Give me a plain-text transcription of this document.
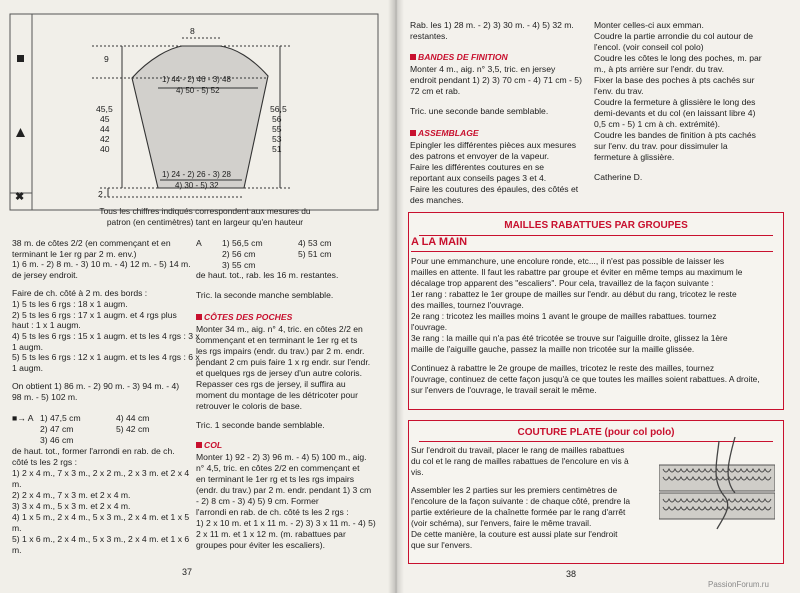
✖
8
9
1) 44 - 2) 46 - 3) 48
4) 50 - 5) 52
1) 24 - 2) 26 - 3) 28
4) 30 - 5) 32
45,5
45
44
42
40
56,5
56
55
53
51
2
Tous les chiffres indiqués correspondent aux mesures du
patron (en centimètres) tant en largeur qu'en hauteur
38 m. de côtes 2/2 (en commençant et en
terminant le 1er rg par 2 m. env.)
1) 6 m. - 2) 8 m. - 3) 10 m. - 4) 12 m. - 5) 14 m.
de jersey endroit.
Faire de ch. côté à 2 m. des bords :
1) 5 ts les 6 rgs : 18 x 1 augm.
2) 5 ts les 6 rgs : 17 x 1 augm. et 4 rgs plus
haut : 1 x 1 augm.
4) 5 ts les 6 rgs : 15 x 1 augm. et ts les 4 rgs : 3 x
1 augm.
5) 5 ts les 6 rgs : 12 x 1 augm. et ts les 4 rgs : 6 x
1 augm.
On obtient 1) 86 m. - 2) 90 m. - 3) 94 m. - 4)
98 m. - 5) 102 m.
■→ A 1) 47,5 cm	4) 44 cm
2) 47 cm	5) 42 cm
3) 46 cm
de haut. tot., former l'arrondi en rab. de ch.
côté ts les 2 rgs :
1) 2 x 4 m., 7 x 3 m., 2 x 2 m., 2 x 3 m. et 2 x 4
m.
2) 2 x 4 m., 7 x 3 m. et 2 x 4 m.
3) 3 x 4 m., 5 x 3 m. et 2 x 4 m.
4) 1 x 5 m., 2 x 4 m., 5 x 3 m., 2 x 4 m. et 1 x 5
m.
5) 1 x 6 m., 2 x 4 m., 5 x 3 m., 2 x 4 m. et 1 x 6
m.
A 1) 56,5 cm	4) 53 cm
2) 56 cm	5) 51 cm
3) 55 cm
de haut. tot., rab. les 16 m. restantes.
Tric. la seconde manche semblable.
CÔTES DES POCHES
Monter 34 m., aig. n° 4, tric. en côtes 2/2 en
commençant et en terminant le 1er rg et ts
les rgs impairs (endr. du trav.) par 2 m. endr.
pendant 2 cm puis faire 1 x rg endr. sur l'endr.
et quelques rgs de jersey d'un autre coloris.
Repasser ces rgs de jersey, il suffira au
moment du montage de les détricoter pour
retrouver le coloris de base.
Tric. 1 seconde bande semblable.
COL
Monter 1) 92 - 2) 3) 96 m. - 4) 5) 100 m., aig.
n° 4,5, tric. en côtes 2/2 en commençant et
en terminant le 1er rg et ts les rgs impairs
(endr. du trav.) par 2 m. endr. pendant 1) 3 cm
- 2) 8 cm - 3) 4) 5) 9 cm. Former
l'arrondi en rab. de ch. côté ts les 2 rgs :
1) 2 x 10 m. et 1 x 11 m. - 2) 3) 3 x 11 m. - 4) 5)
2 x 11 m. et 1 x 12 m. (m. rabattues par
groupes pour éviter les escaliers).
37
Rab. les 1) 28 m. - 2) 3) 30 m. - 4) 5) 32 m.
restantes.
BANDES DE FINITION
Monter 4 m., aig. n° 3,5, tric. en jersey
endroit pendant 1) 2) 3) 70 cm - 4) 71 cm - 5)
72 cm et rab.
Tric. une seconde bande semblable.
ASSEMBLAGE
Epingler les différentes pièces aux mesures
des patrons et envoyer de la vapeur.
Faire les différentes coutures en se
reportant aux conseils pages 3 et 4.
Faire les coutures des épaules, des côtés et
des manches.
Monter celles-ci aux emman.
Coudre la partie arrondie du col autour de
l'encol. (voir conseil col polo)
Coudre les côtes le long des poches, m. par
m., à pts arrière sur l'endr. du trav.
Fixer la base des poches à pts cachés sur
l'env. du trav.
Coudre la fermeture à glissière le long des
demi-devants et du col (en laissant libre 4)
0,5 cm - 5) 1 cm à ch. extrémité).
Coudre les bandes de finition à pts cachés
sur l'env. du trav. pour dissimuler la
fermeture à glissière.
Catherine D.
MAILLES RABATTUES PAR GROUPES
A LA MAIN
Pour une emmanchure, une encolure ronde, etc..., il n'est pas possible de laisser les
mailles en attente. Il faut les rabattre par groupe et éviter en même temps au maximum le
décalage trop apparent des "escaliers". Pour cela, travaillez de la façon suivante :
1er rang : rabattez le 1er groupe de mailles sur l'endr. au début du rang, tricotez le reste
des mailles, tournez l'ouvrage.
2e rang : tricotez les mailles moins 1 avant le groupe de mailles rabattues. tournez
l'ouvrage.
3e rang : la maille qui n'a pas été tricotée se trouve sur l'aiguille droite, glissez la 1ère
maille de l'aiguille gauche, passez la maille non tricotée sur la maille glissée.
Continuez à rabattre le 2e groupe de mailles, tricotez le reste des mailles, tournez
l'ouvrage, continuez de cette façon jusqu'à ce que toutes les mailles soient rabattues. A droite,
sur l'envers de l'ouvrage, le travail serait le même.
COUTURE PLATE (pour col polo)
Sur l'endroit du travail, placer le rang de mailles rabattues
du col et le rang de mailles rabattues de l'encolure en vis à
vis.
Assembler les 2 parties sur les premiers centimètres de
l'encolure de la façon suivante : de chaque côté, prendre la
partie extérieure de la chaînette formée par le rang d'arrêt
(voir schéma), sur l'envers, faire le même travail.
De cette manière, la couture est aussi plate sur l'endroit
que sur l'envers.
38
PassionForum.ru
